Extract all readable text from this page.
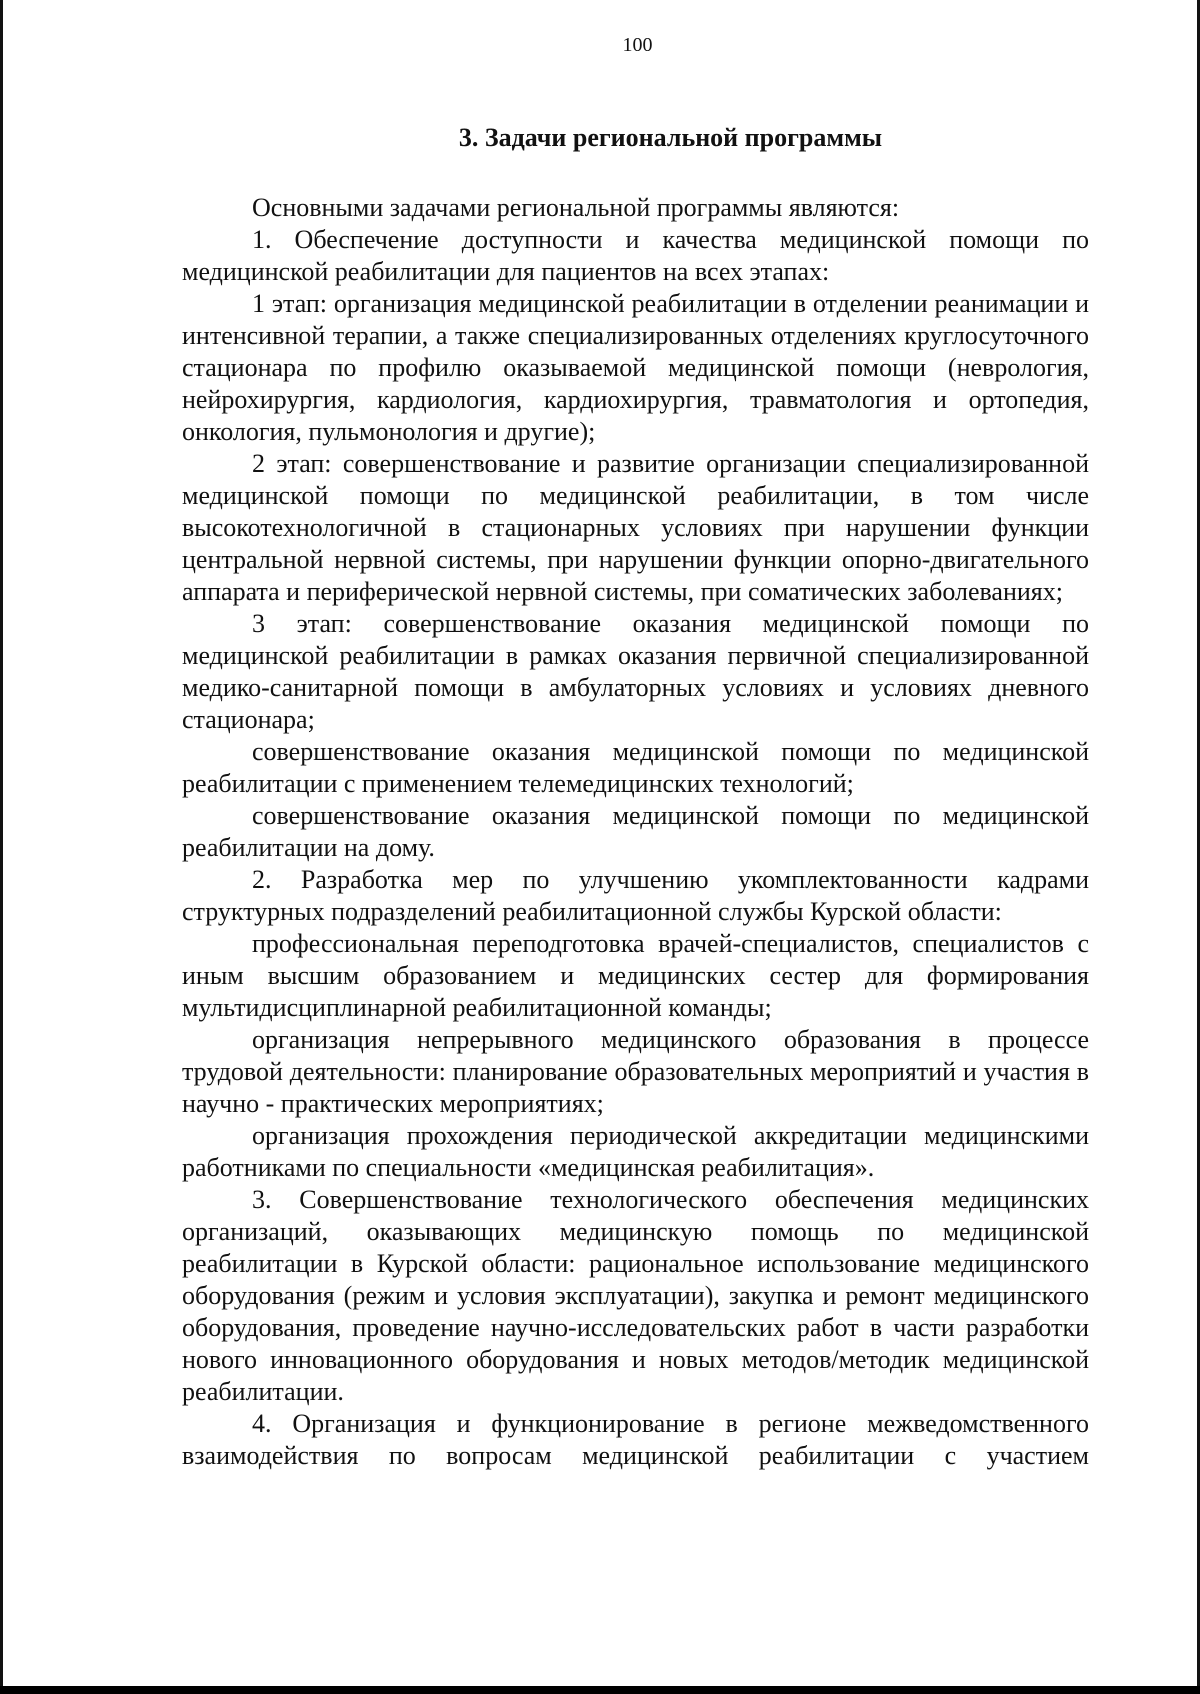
100
3. Задачи региональной программы

Основными задачами региональной программы являются:

1. Обеспечение доступности и качества медицинской помощи по медицинской реабилитации для пациентов на всех этапах:

1 этап: организация медицинской реабилитации в отделении реанимации и интенсивной терапии, а также специализированных отделениях круглосуточного стационара по профилю оказываемой медицинской помощи (неврология, нейрохирургия, кардиология, кардиохирургия, травматология и ортопедия, онкология, пульмонология и другие);

2 этап: совершенствование и развитие организации специализированной медицинской помощи по медицинской реабилитации, в том числе высокотехнологичной в стационарных условиях при нарушении функции центральной нервной системы, при нарушении функции опорно-двигательного аппарата и периферической нервной системы, при соматических заболеваниях;

3 этап: совершенствование оказания медицинской помощи по медицинской реабилитации в рамках оказания первичной специализированной медико-санитарной помощи в амбулаторных условиях и условиях дневного стационара;

совершенствование оказания медицинской помощи по медицинской реабилитации с применением телемедицинских технологий;

совершенствование оказания медицинской помощи по медицинской реабилитации на дому.

2. Разработка мер по улучшению укомплектованности кадрами структурных подразделений реабилитационной службы Курской области:

профессиональная переподготовка врачей-специалистов, специалистов с иным высшим образованием и медицинских сестер для формирования мультидисциплинарной реабилитационной команды;

организация непрерывного медицинского образования в процессе трудовой деятельности: планирование образовательных мероприятий и участия в научно - практических мероприятиях;

организация прохождения периодической аккредитации медицинскими работниками по специальности «медицинская реабилитация».

3. Совершенствование технологического обеспечения медицинских организаций, оказывающих медицинскую помощь по медицинской реабилитации в Курской области: рациональное использование медицинского оборудования (режим и условия эксплуатации), закупка и ремонт медицинского оборудования, проведение научно-исследовательских работ в части разработки нового инновационного оборудования и новых методов/методик медицинской реабилитации.

4. Организация и функционирование в регионе межведомственного взаимодействия по вопросам медицинской реабилитации с участием
